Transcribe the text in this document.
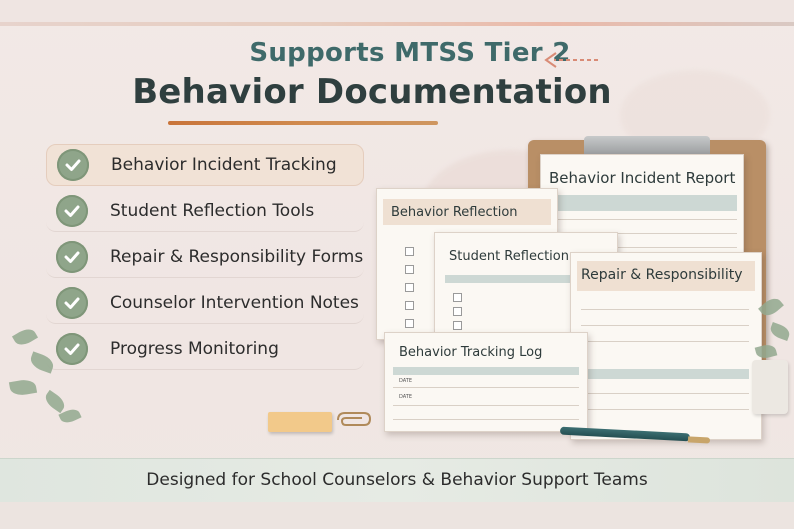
Supports MTSS Tier 2
Behavior Documentation
Behavior Incident Tracking
Student Reflection Tools
Repair & Responsibility Forms
Counselor Intervention Notes
Progress Monitoring
Behavior Incident Report
Behavior Reflection
Student Reflection
Repair & Responsibility
Behavior Tracking Log
DATE
DATE
Designed for School Counselors & Behavior Support Teams
